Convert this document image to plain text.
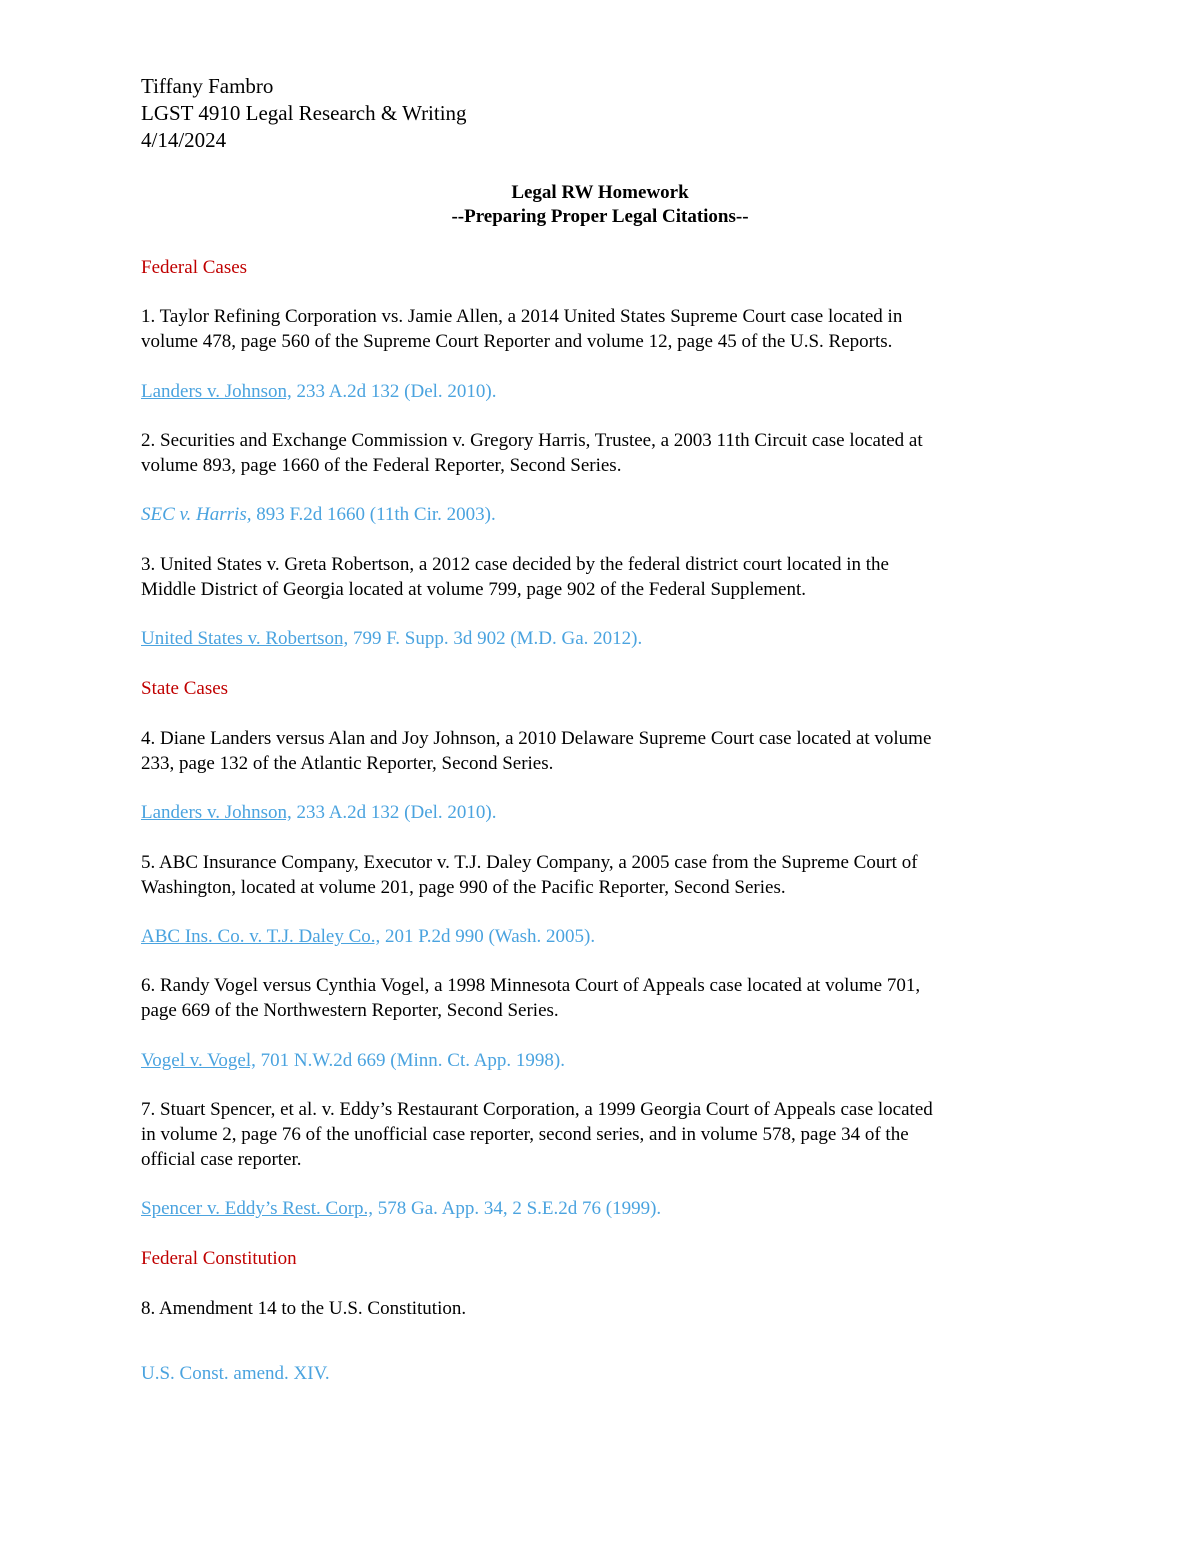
Tiffany Fambro
LGST 4910 Legal Research & Writing
4/14/2024
Legal RW Homework
--Preparing Proper Legal Citations--
Federal Cases
1. Taylor Refining Corporation vs. Jamie Allen, a 2014 United States Supreme Court case located in
volume 478, page 560 of the Supreme Court Reporter and volume 12, page 45 of the U.S. Reports.
Landers v. Johnson, 233 A.2d 132 (Del. 2010).
2. Securities and Exchange Commission v. Gregory Harris, Trustee, a 2003 11th Circuit case located at
volume 893, page 1660 of the Federal Reporter, Second Series.
SEC v. Harris, 893 F.2d 1660 (11th Cir. 2003).
3. United States v. Greta Robertson, a 2012 case decided by the federal district court located in the
Middle District of Georgia located at volume 799, page 902 of the Federal Supplement.
United States v. Robertson, 799 F. Supp. 3d 902 (M.D. Ga. 2012).
State Cases
4. Diane Landers versus Alan and Joy Johnson, a 2010 Delaware Supreme Court case located at volume
233, page 132 of the Atlantic Reporter, Second Series.
Landers v. Johnson, 233 A.2d 132 (Del. 2010).
5. ABC Insurance Company, Executor v. T.J. Daley Company, a 2005 case from the Supreme Court of
Washington, located at volume 201, page 990 of the Pacific Reporter, Second Series.
ABC Ins. Co. v. T.J. Daley Co., 201 P.2d 990 (Wash. 2005).
6. Randy Vogel versus Cynthia Vogel, a 1998 Minnesota Court of Appeals case located at volume 701,
page 669 of the Northwestern Reporter, Second Series.
Vogel v. Vogel, 701 N.W.2d 669 (Minn. Ct. App. 1998).
7. Stuart Spencer, et al. v. Eddy’s Restaurant Corporation, a 1999 Georgia Court of Appeals case located
in volume 2, page 76 of the unofficial case reporter, second series, and in volume 578, page 34 of the
official case reporter.
Spencer v. Eddy’s Rest. Corp., 578 Ga. App. 34, 2 S.E.2d 76 (1999).
Federal Constitution
8. Amendment 14 to the U.S. Constitution.
U.S. Const. amend. XIV.
